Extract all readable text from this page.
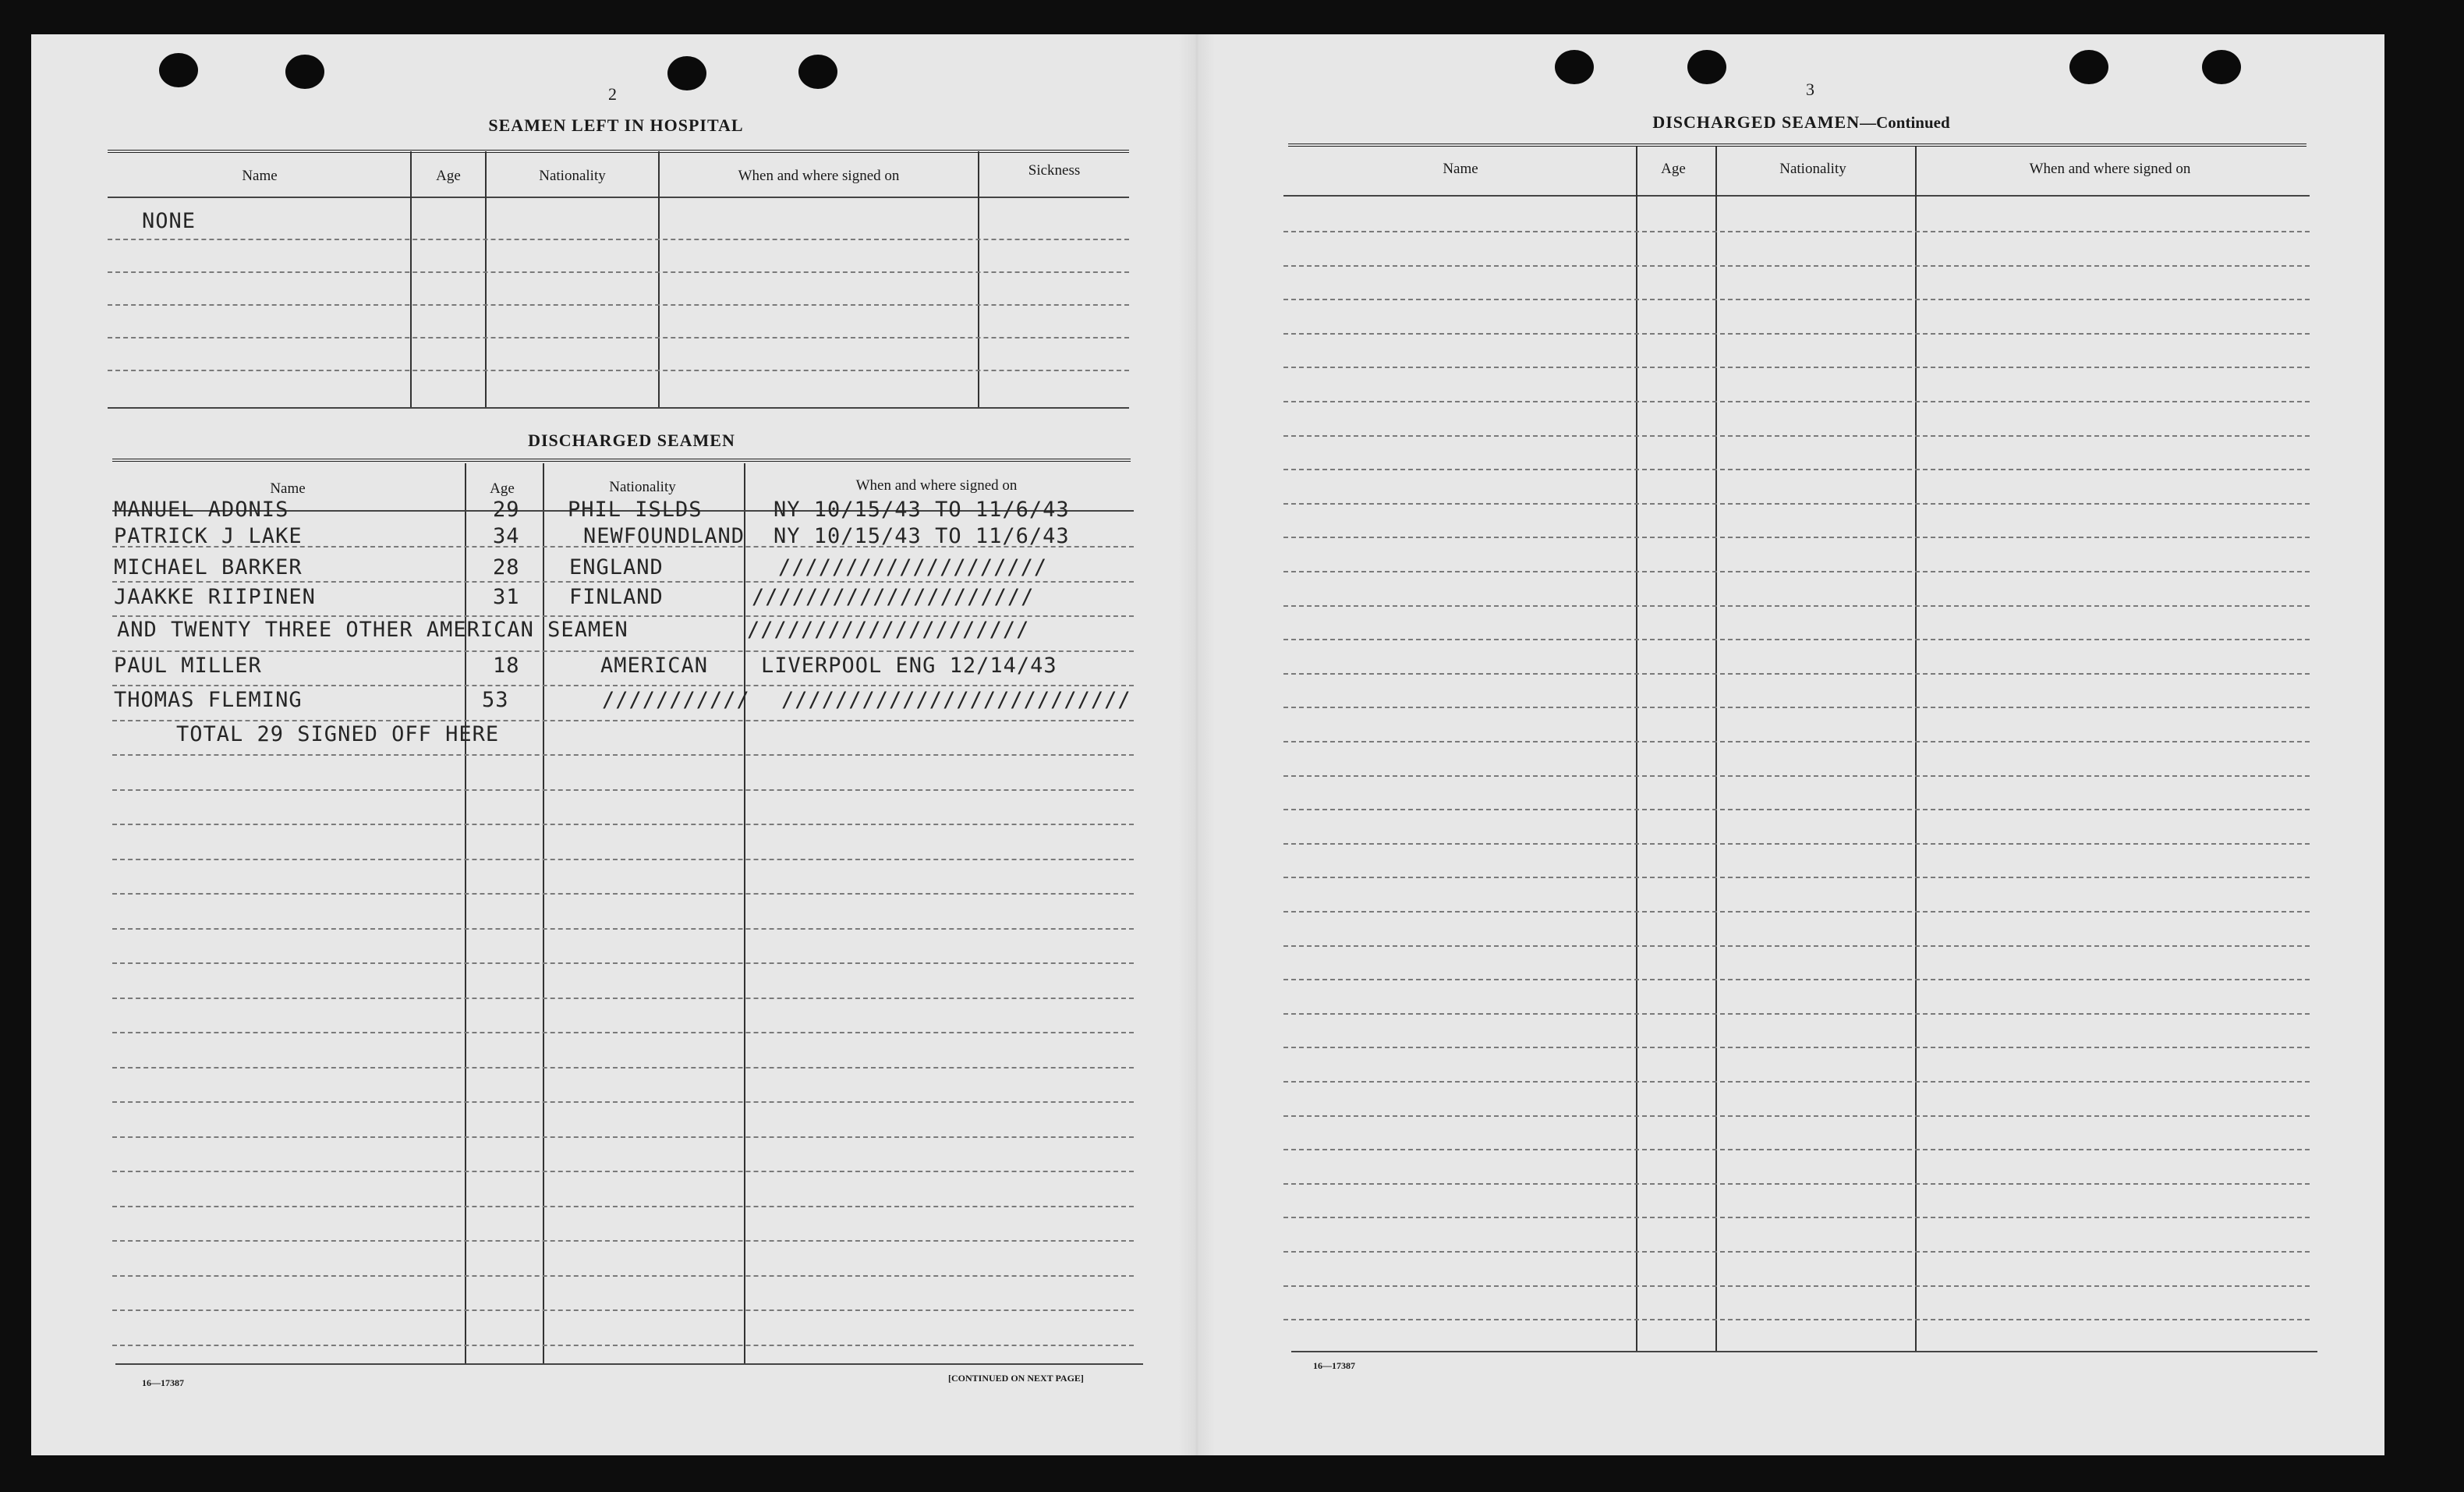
2
SEAMEN LEFT IN HOSPITAL
Name	Age	Nationality	When and where signed on	Sickness
NONE
DISCHARGED SEAMEN
Name	Age	Nationality	When and where signed on
MANUEL ADONIS	29 PHIL ISLDS	NY 10/15/43 TO 11/6/43
PATRICK J LAKE	34	NEWFOUNDLAND NY 10/15/43 TO 11/6/43
MICHAEL BARKER	28 ENGLAND	////////////////////
JAAKKE RIIPINEN	31 FINLAND	/////////////////////
AND TWENTY THREE OTHER AMERICAN SEAMEN	/////////////////////
PAUL MILLER	18	AMERICAN	LIVERPOOL ENG 12/14/43
THOMAS FLEMING	53	/////////// //////////////////////////
TOTAL 29 SIGNED OFF HERE
16—17387	[CONTINUED ON NEXT PAGE]
3
DISCHARGED SEAMEN—Continued
Name	Age	Nationality	When and where signed on
16—17387
